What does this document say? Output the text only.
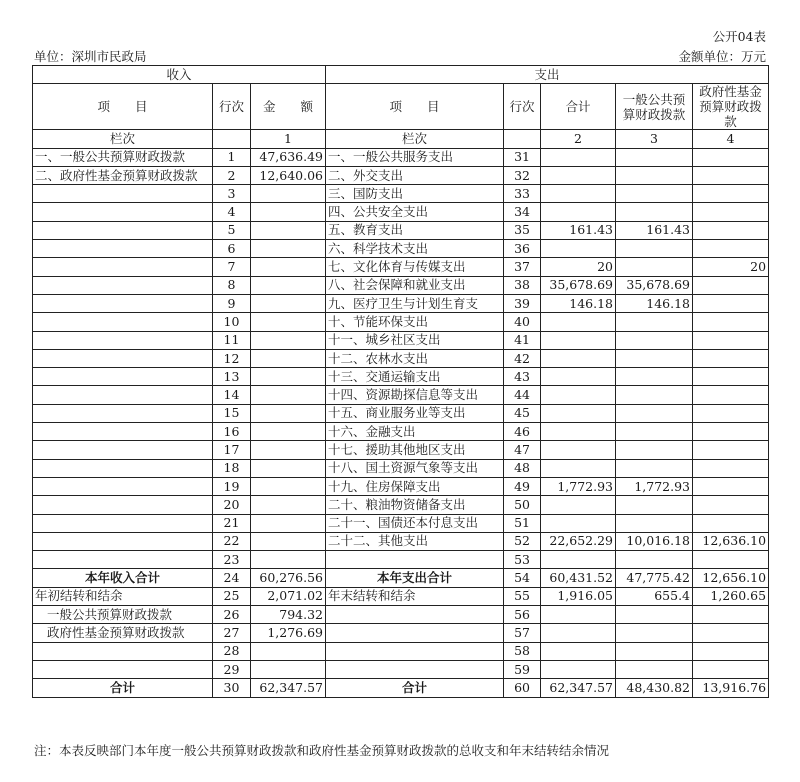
公开04表
单位：深圳市民政局	金额单位：万元
收入			支出				
项　　目	行次	金　　额	项　　目	行次	合计	一般公共预算财政拨款	政府性基金预算财政拨款
栏次		1	栏次		2	3	4
一、一般公共预算财政拨款	1	47,636.49	一、一般公共服务支出	31			
二、政府性基金预算财政拨款	2	12,640.06	二、外交支出	32			
	3		三、国防支出	33			
	4		四、公共安全支出	34			
	5		五、教育支出	35	161.43	161.43	
	6		六、科学技术支出	36			
	7		七、文化体育与传媒支出	37	20		20
	8		八、社会保障和就业支出	38	35,678.69	35,678.69	
	9		九、医疗卫生与计划生育支	39	146.18	146.18	
	10		十、节能环保支出	40			
	11		十一、城乡社区支出	41			
	12		十二、农林水支出	42			
	13		十三、交通运输支出	43			
	14		十四、资源勘探信息等支出	44			
	15		十五、商业服务业等支出	45			
	16		十六、金融支出	46			
	17		十七、援助其他地区支出	47			
	18		十八、国土资源气象等支出	48			
	19		十九、住房保障支出	49	1,772.93	1,772.93	
	20		二十、粮油物资储备支出	50			
	21		二十一、国债还本付息支出	51			
	22		二十二、其他支出	52	22,652.29	10,016.18	12,636.10
	23			53			
本年收入合计	24	60,276.56	本年支出合计	54	60,431.52	47,775.42	12,656.10
年初结转和结余	25	2,071.02	年末结转和结余	55	1,916.05	655.4	1,260.65
一般公共预算财政拨款	26	794.32		56			
政府性基金预算财政拨款	27	1,276.69		57			
	28			58			
	29			59			
合计	30	62,347.57	合计	60	62,347.57	48,430.82	13,916.76
注：本表反映部门本年度一般公共预算财政拨款和政府性基金预算财政拨款的总收支和年末结转结余情况
